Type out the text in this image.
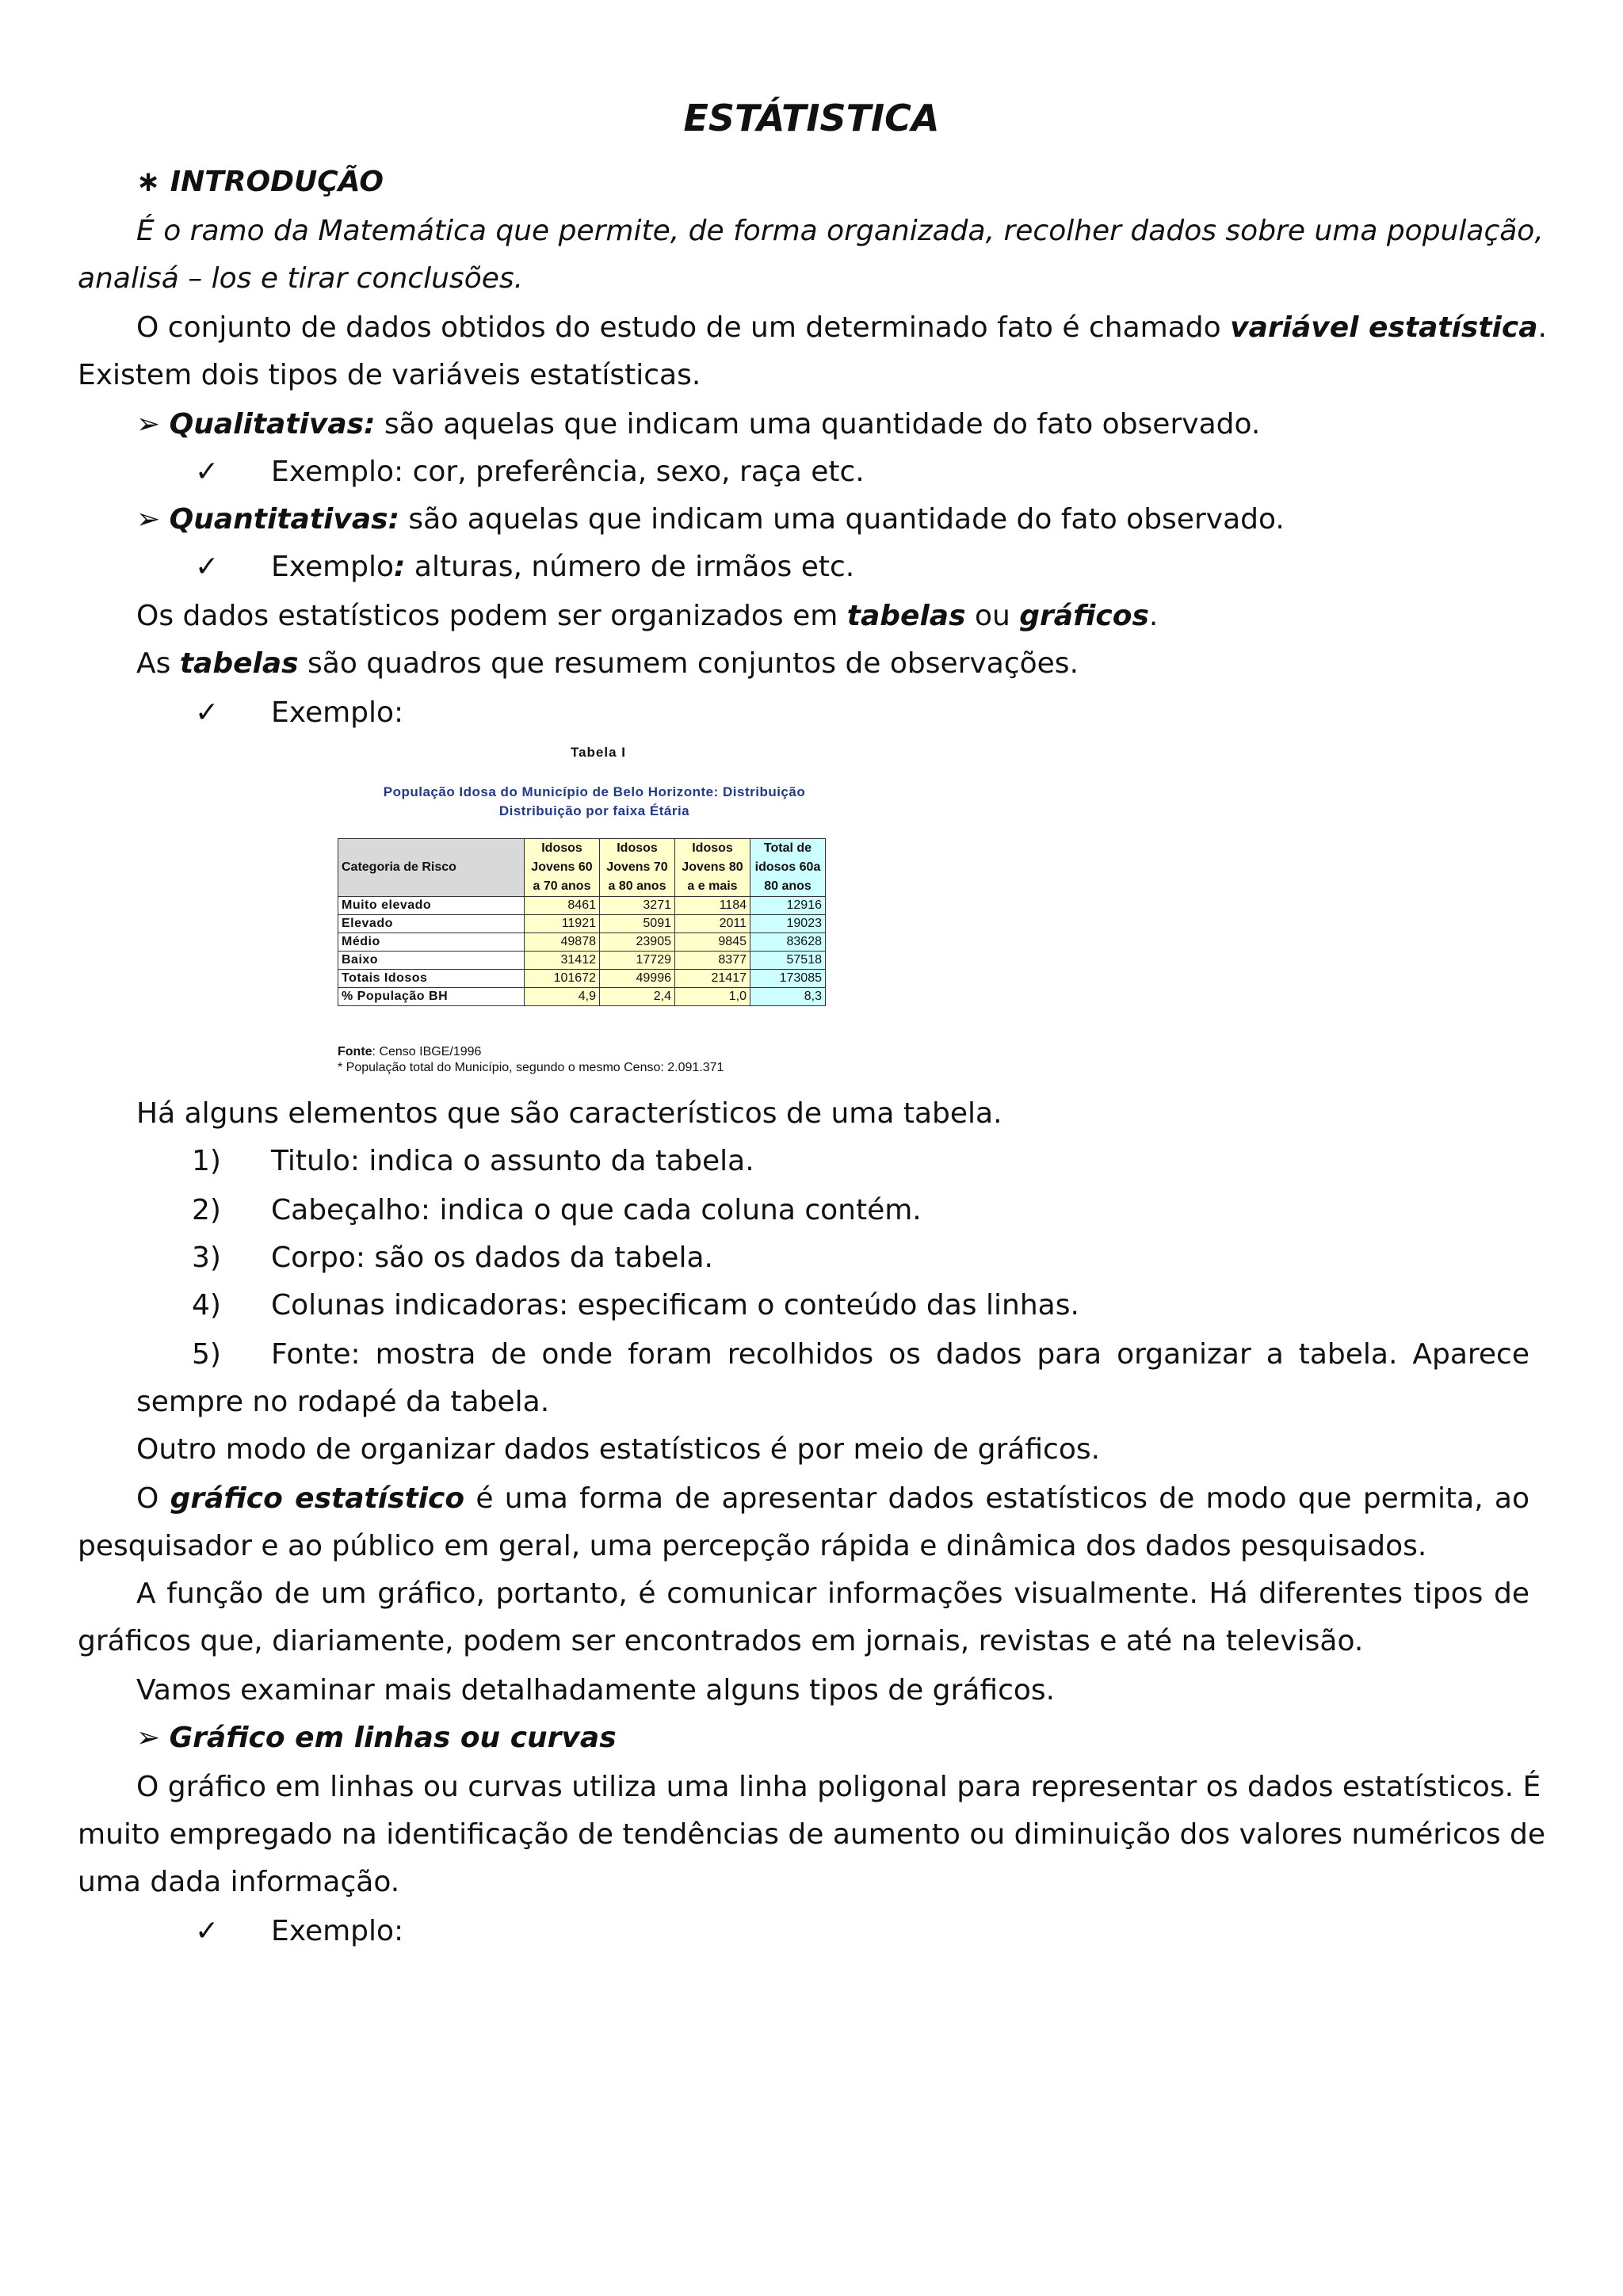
ESTÁTISTICA
∗ INTRODUÇÃO
É o ramo da Matemática que permite, de forma organizada, recolher dados sobre uma população,
analisá – los e tirar conclusões.
O conjunto de dados obtidos do estudo de um determinado fato é chamado variável estatística.
Existem dois tipos de variáveis estatísticas.
➢ Qualitativas: são aquelas que indicam uma quantidade do fato observado.
✓ Exemplo: cor, preferência, sexo, raça etc.
➢ Quantitativas: são aquelas que indicam uma quantidade do fato observado.
✓ Exemplo: alturas, número de irmãos etc.
Os dados estatísticos podem ser organizados em tabelas ou gráficos.
As tabelas são quadros que resumem conjuntos de observações.
✓ Exemplo:
Tabela I
População Idosa do Município de Belo Horizonte: Distribuição
Distribuição por faixa Étária
Categoria de Risco	Idosos Jovens 60 a 70 anos	Idosos Jovens 70 a 80 anos	Idosos Jovens 80 a e mais	Total de idosos 60a 80 anos
Muito elevado	8461	3271	1184	12916
Elevado	11921	5091	2011	19023
Médio	49878	23905	9845	83628
Baixo	31412	17729	8377	57518
Totais Idosos	101672	49996	21417	173085
% População BH	4,9	2,4	1,0	8,3
Fonte: Censo IBGE/1996
* População total do Município, segundo o mesmo Censo: 2.091.371
Há alguns elementos que são característicos de uma tabela.
1) Titulo: indica o assunto da tabela.
2) Cabeçalho: indica o que cada coluna contém.
3) Corpo: são os dados da tabela.
4) Colunas indicadoras: especificam o conteúdo das linhas.
5) Fonte: mostra de onde foram recolhidos os dados para organizar a tabela. Aparece
sempre no rodapé da tabela.
Outro modo de organizar dados estatísticos é por meio de gráficos.
O gráfico estatístico é uma forma de apresentar dados estatísticos de modo que permita, ao
pesquisador e ao público em geral, uma percepção rápida e dinâmica dos dados pesquisados.
A função de um gráfico, portanto, é comunicar informações visualmente. Há diferentes tipos de
gráficos que, diariamente, podem ser encontrados em jornais, revistas e até na televisão.
Vamos examinar mais detalhadamente alguns tipos de gráficos.
➢ Gráfico em linhas ou curvas
O gráfico em linhas ou curvas utiliza uma linha poligonal para representar os dados estatísticos. É
muito empregado na identificação de tendências de aumento ou diminuição dos valores numéricos de
uma dada informação.
✓ Exemplo:
